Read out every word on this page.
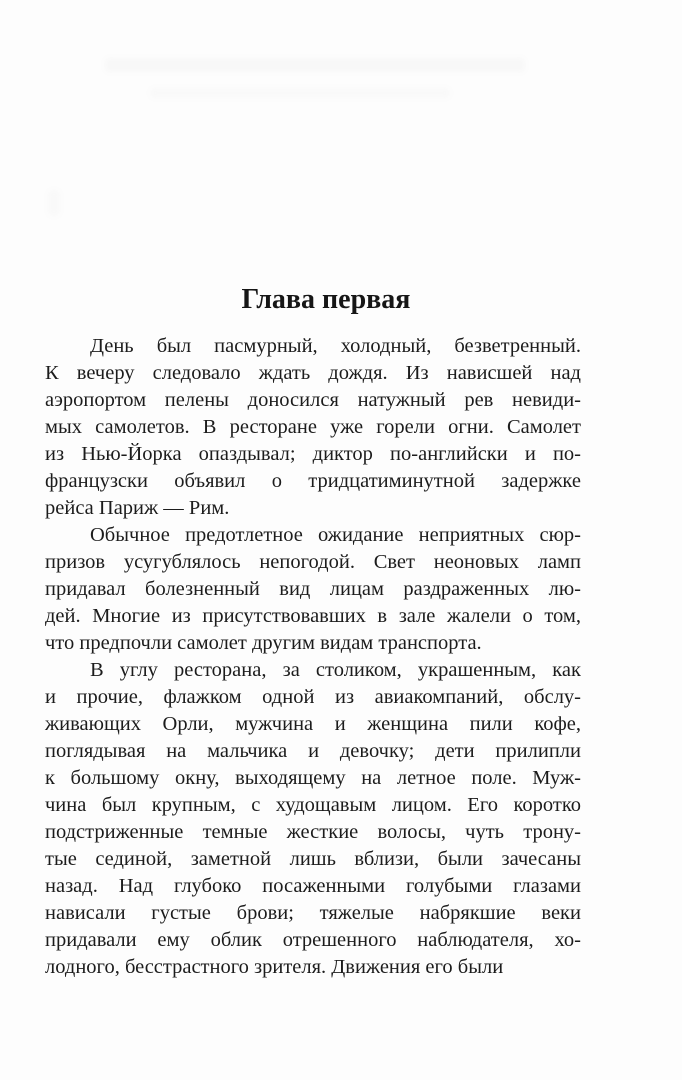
Глава первая
День был пасмурный, холодный, безветренный.
К вечеру следовало ждать дождя. Из нависшей над
аэропортом пелены доносился натужный рев невиди-
мых самолетов. В ресторане уже горели огни. Самолет
из Нью-Йорка опаздывал; диктор по-английски и по-
французски объявил о тридцатиминутной задержке
рейса Париж — Рим.
Обычное предотлетное ожидание неприятных сюр-
призов усугублялось непогодой. Свет неоновых ламп
придавал болезненный вид лицам раздраженных лю-
дей. Многие из присутствовавших в зале жалели о том,
что предпочли самолет другим видам транспорта.
В углу ресторана, за столиком, украшенным, как
и прочие, флажком одной из авиакомпаний, обслу-
живающих Орли, мужчина и женщина пили кофе,
поглядывая на мальчика и девочку; дети прилипли
к большому окну, выходящему на летное поле. Муж-
чина был крупным, с худощавым лицом. Его коротко
подстриженные темные жесткие волосы, чуть трону-
тые сединой, заметной лишь вблизи, были зачесаны
назад. Над глубоко посаженными голубыми глазами
нависали густые брови; тяжелые набрякшие веки
придавали ему облик отрешенного наблюдателя, хо-
лодного, бесстрастного зрителя. Движения его были
